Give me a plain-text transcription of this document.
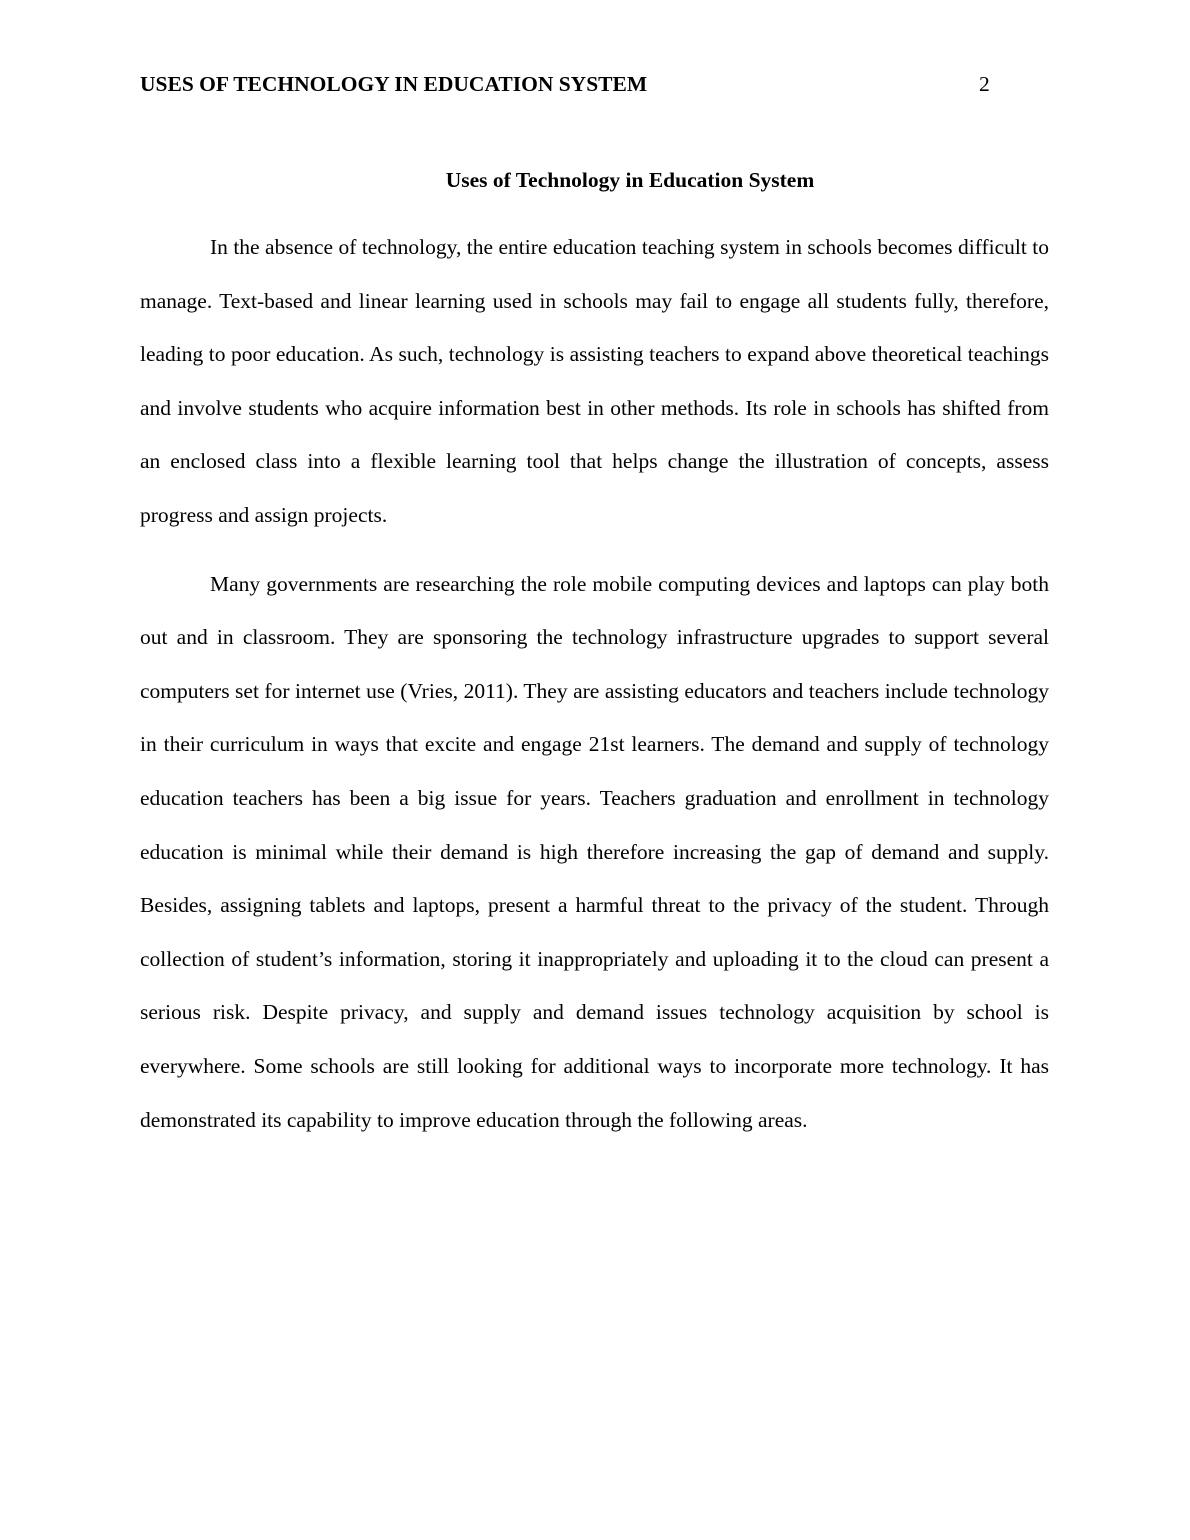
USES OF TECHNOLOGY IN EDUCATION SYSTEM	2
Uses of Technology in Education System

In the absence of technology, the entire education teaching system in schools becomes difficult to manage. Text-based and linear learning used in schools may fail to engage all students fully, therefore, leading to poor education. As such, technology is assisting teachers to expand above theoretical teachings and involve students who acquire information best in other methods. Its role in schools has shifted from an enclosed class into a flexible learning tool that helps change the illustration of concepts, assess progress and assign projects.

Many governments are researching the role mobile computing devices and laptops can play both out and in classroom. They are sponsoring the technology infrastructure upgrades to support several computers set for internet use (Vries, 2011). They are assisting educators and teachers include technology in their curriculum in ways that excite and engage 21st learners. The demand and supply of technology education teachers has been a big issue for years. Teachers graduation and enrollment in technology education is minimal while their demand is high therefore increasing the gap of demand and supply. Besides, assigning tablets and laptops, present a harmful threat to the privacy of the student. Through collection of student’s information, storing it inappropriately and uploading it to the cloud can present a serious risk. Despite privacy, and supply and demand issues technology acquisition by school is everywhere. Some schools are still looking for additional ways to incorporate more technology. It has demonstrated its capability to improve education through the following areas.
